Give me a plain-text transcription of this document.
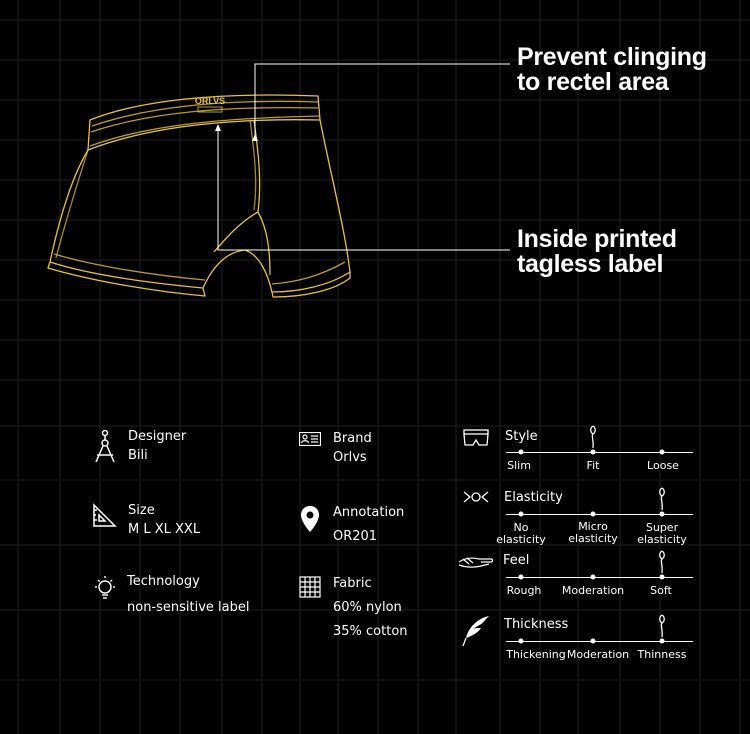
ORLVS
Prevent clinging
to rectel area
Inside printed
tagless label
Designer
Bili
Size
M L XL XXL
Technology
non-sensitive label
Brand
Orlvs
Annotation
OR201
Fabric
60% nylon
35% cotton
Style
Slim	Fit	Loose
Elasticity
No
elasticity
Micro
elasticity
Super
elasticity
Feel
Rough Moderation Soft
Thickness
Thickening Moderation Thinness
